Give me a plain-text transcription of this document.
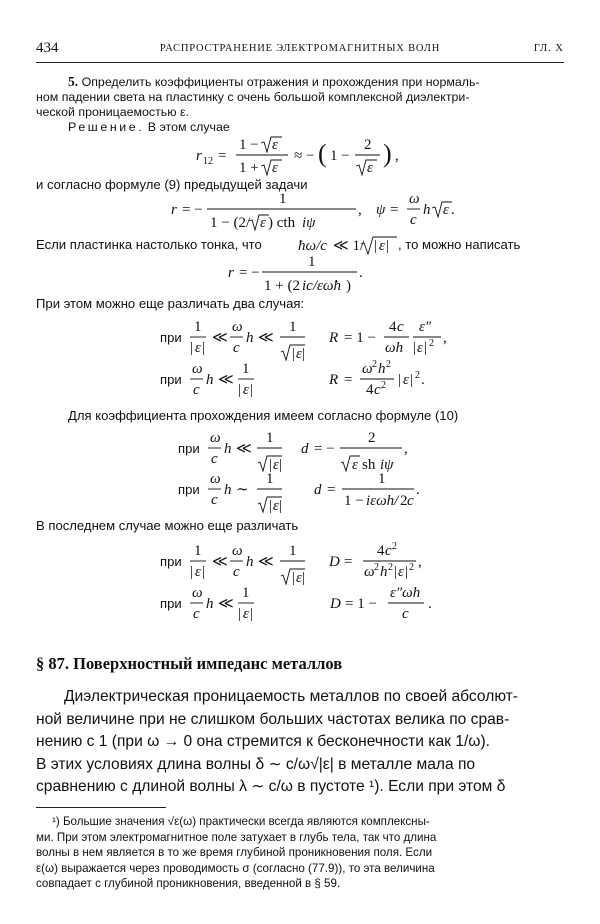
434	РАСПРОСТРАНЕНИЕ ЭЛЕКТРОМАГНИТНЫХ ВОЛН	ГЛ. X
5. Определить коэффициенты отражения и прохождения при нормаль-
ном падении света на пластинку с очень большой комплексной диэлектри-
ческой проницаемостью ε.
Решение. В этом случае
r 12 =
1 − ε
1 + ε
≈ − ( 1 −
2
ε ) ,
и согласно формуле (9) предыдущей задачи
r = −
1
1 − (2/ ε ) cth iψ
, ψ =
ω
c
h ε .
Если пластинка настолько тонка, что ħω/c ≪ 1/ | ε | , то можно написать
r = −
1
1 + (2 ic/εωħ )
.
При этом можно еще различать два случая:
при
1
| ε |
≪
ω
c
h ≪
1
| ε |
R = 1 −
4 c
ωh
ε″
| ε | 2 ,
при
ω
c
h ≪
1
| ε |
R =
ω 2 h 2
4 c 2 | ε | 2 .
Для коэффициента прохождения имеем согласно формуле (10)
при
ω
c
h ≪
1
| ε |
d = −
2
ε sh iψ
,
при
ω
c
h ∼
1
| ε |
d =
1
1 − iεωh/ 2 c
.
В последнем случае можно еще различать
при
1
| ε |
≪
ω
c
h ≪
1
| ε |
D =
4 c 2
ω 2 h 2 | ε | 2 ,
при
ω
c
h ≪
1
| ε |
D = 1 −
ε″ωh
c
.
§ 87. Поверхностный импеданс металлов
Диэлектрическая проницаемость металлов по своей абсолют-
ной величине при не слишком больших частотах велика по срав-
нению с 1 (при ω → 0 она стремится к бесконечности как 1/ω).
В этих условиях длина волны δ ∼ c/ω√|ε| в металле мала по
сравнению с длиной волны λ ∼ c/ω в пустоте ¹). Если при этом δ
¹) Большие значения √ε(ω) практически всегда являются комплексны-
ми. При этом электромагнитное поле затухает в глубь тела, так что длина
волны в нем является в то же время глубиной проникновения поля. Если
ε(ω) выражается через проводимость σ (согласно (77.9)), то эта величина
совпадает с глубиной проникновения, введенной в § 59.
